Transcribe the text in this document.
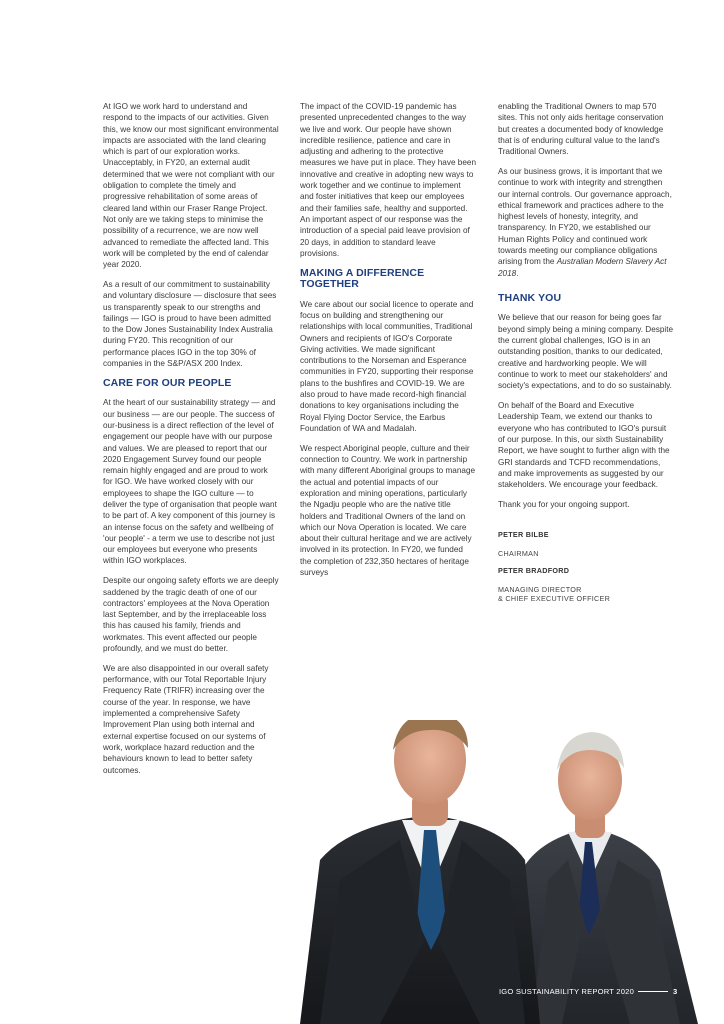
At IGO we work hard to understand and respond to the impacts of our activities. Given this, we know our most significant environmental impacts are associated with the land clearing which is part of our exploration works. Unacceptably, in FY20, an external audit determined that we were not compliant with our obligation to complete the timely and progressive rehabilitation of some areas of cleared land within our Fraser Range Project. Not only are we taking steps to minimise the possibility of a recurrence, we are now well advanced to remediate the affected land. This work will be completed by the end of calendar year 2020.

As a result of our commitment to sustainability and voluntary disclosure — disclosure that sees us transparently speak to our strengths and failings — IGO is proud to have been admitted to the Dow Jones Sustainability Index Australia during FY20. This recognition of our performance places IGO in the top 30% of companies in the S&P/ASX 200 Index.

CARE FOR OUR PEOPLE

At the heart of our sustainability strategy — and our business — are our people. The success of our-business is a direct reflection of the level of engagement our people have with our purpose and values. We are pleased to report that our 2020 Engagement Survey found our people remain highly engaged and are proud to work for IGO. We have worked closely with our employees to shape the IGO culture — to deliver the type of organisation that people want to be part of. A key component of this journey is an intense focus on the safety and wellbeing of 'our people' - a term we use to describe not just our employees but everyone who presents within IGO workplaces.

Despite our ongoing safety efforts we are deeply saddened by the tragic death of one of our contractors' employees at the Nova Operation last September, and by the irreplaceable loss this has caused his family, friends and workmates. This event affected our people profoundly, and we must do better.

We are also disappointed in our overall safety performance, with our Total Reportable Injury Frequency Rate (TRIFR) increasing over the course of the year. In response, we have implemented a comprehensive Safety Improvement Plan using both internal and external expertise focused on our systems of work, workplace hazard reduction and the behaviours known to lead to better safety outcomes.

The impact of the COVID-19 pandemic has presented unprecedented changes to the way we live and work. Our people have shown incredible resilience, patience and care in adjusting and adhering to the protective measures we have put in place. They have been innovative and creative in adopting new ways to work together and we continue to implement and foster initiatives that keep our employees and their families safe, healthy and supported. An important aspect of our response was the introduction of a special paid leave provision of 20 days, in addition to standard leave provisions.

MAKING A DIFFERENCE TOGETHER

We care about our social licence to operate and focus on building and strengthening our relationships with local communities, Traditional Owners and recipients of IGO's Corporate Giving activities. We made significant contributions to the Norseman and Esperance communities in FY20, supporting their response plans to the bushfires and COVID-19. We are also proud to have made record-high financial donations to key organisations including the Royal Flying Doctor Service, the Earbus Foundation of WA and Madalah.

We respect Aboriginal people, culture and their connection to Country. We work in partnership with many different Aboriginal groups to manage the actual and potential impacts of our exploration and mining operations, particularly the Ngadju people who are the native title holders and Traditional Owners of the land on which our Nova Operation is located. We care about their cultural heritage and we are actively involved in its protection. In FY20, we funded the completion of 232,350 hectares of heritage surveys

enabling the Traditional Owners to map 570 sites. This not only aids heritage conservation but creates a documented body of knowledge that is of enduring cultural value to the land's Traditional Owners.

As our business grows, it is important that we continue to work with integrity and strengthen our internal controls. Our governance approach, ethical framework and practices adhere to the highest levels of honesty, integrity, and transparency. In FY20, we established our Human Rights Policy and continued work towards meeting our compliance obligations arising from the Australian Modern Slavery Act 2018.

THANK YOU

We believe that our reason for being goes far beyond simply being a mining company. Despite the current global challenges, IGO is in an outstanding position, thanks to our dedicated, creative and hardworking people. We will continue to work to meet our stakeholders' and society's expectations, and to do so sustainably.

On behalf of the Board and Executive Leadership Team, we extend our thanks to everyone who has contributed to IGO's pursuit of our purpose. In this, our sixth Sustainability Report, we have sought to further align with the GRI standards and TCFD recommendations, and make improvements as suggested by our stakeholders. We encourage your feedback.

Thank you for your ongoing support.

PETER BILBE

CHAIRMAN

PETER BRADFORD

MANAGING DIRECTOR
& CHIEF EXECUTIVE OFFICER

IGO SUSTAINABILITY REPORT 2020	3
